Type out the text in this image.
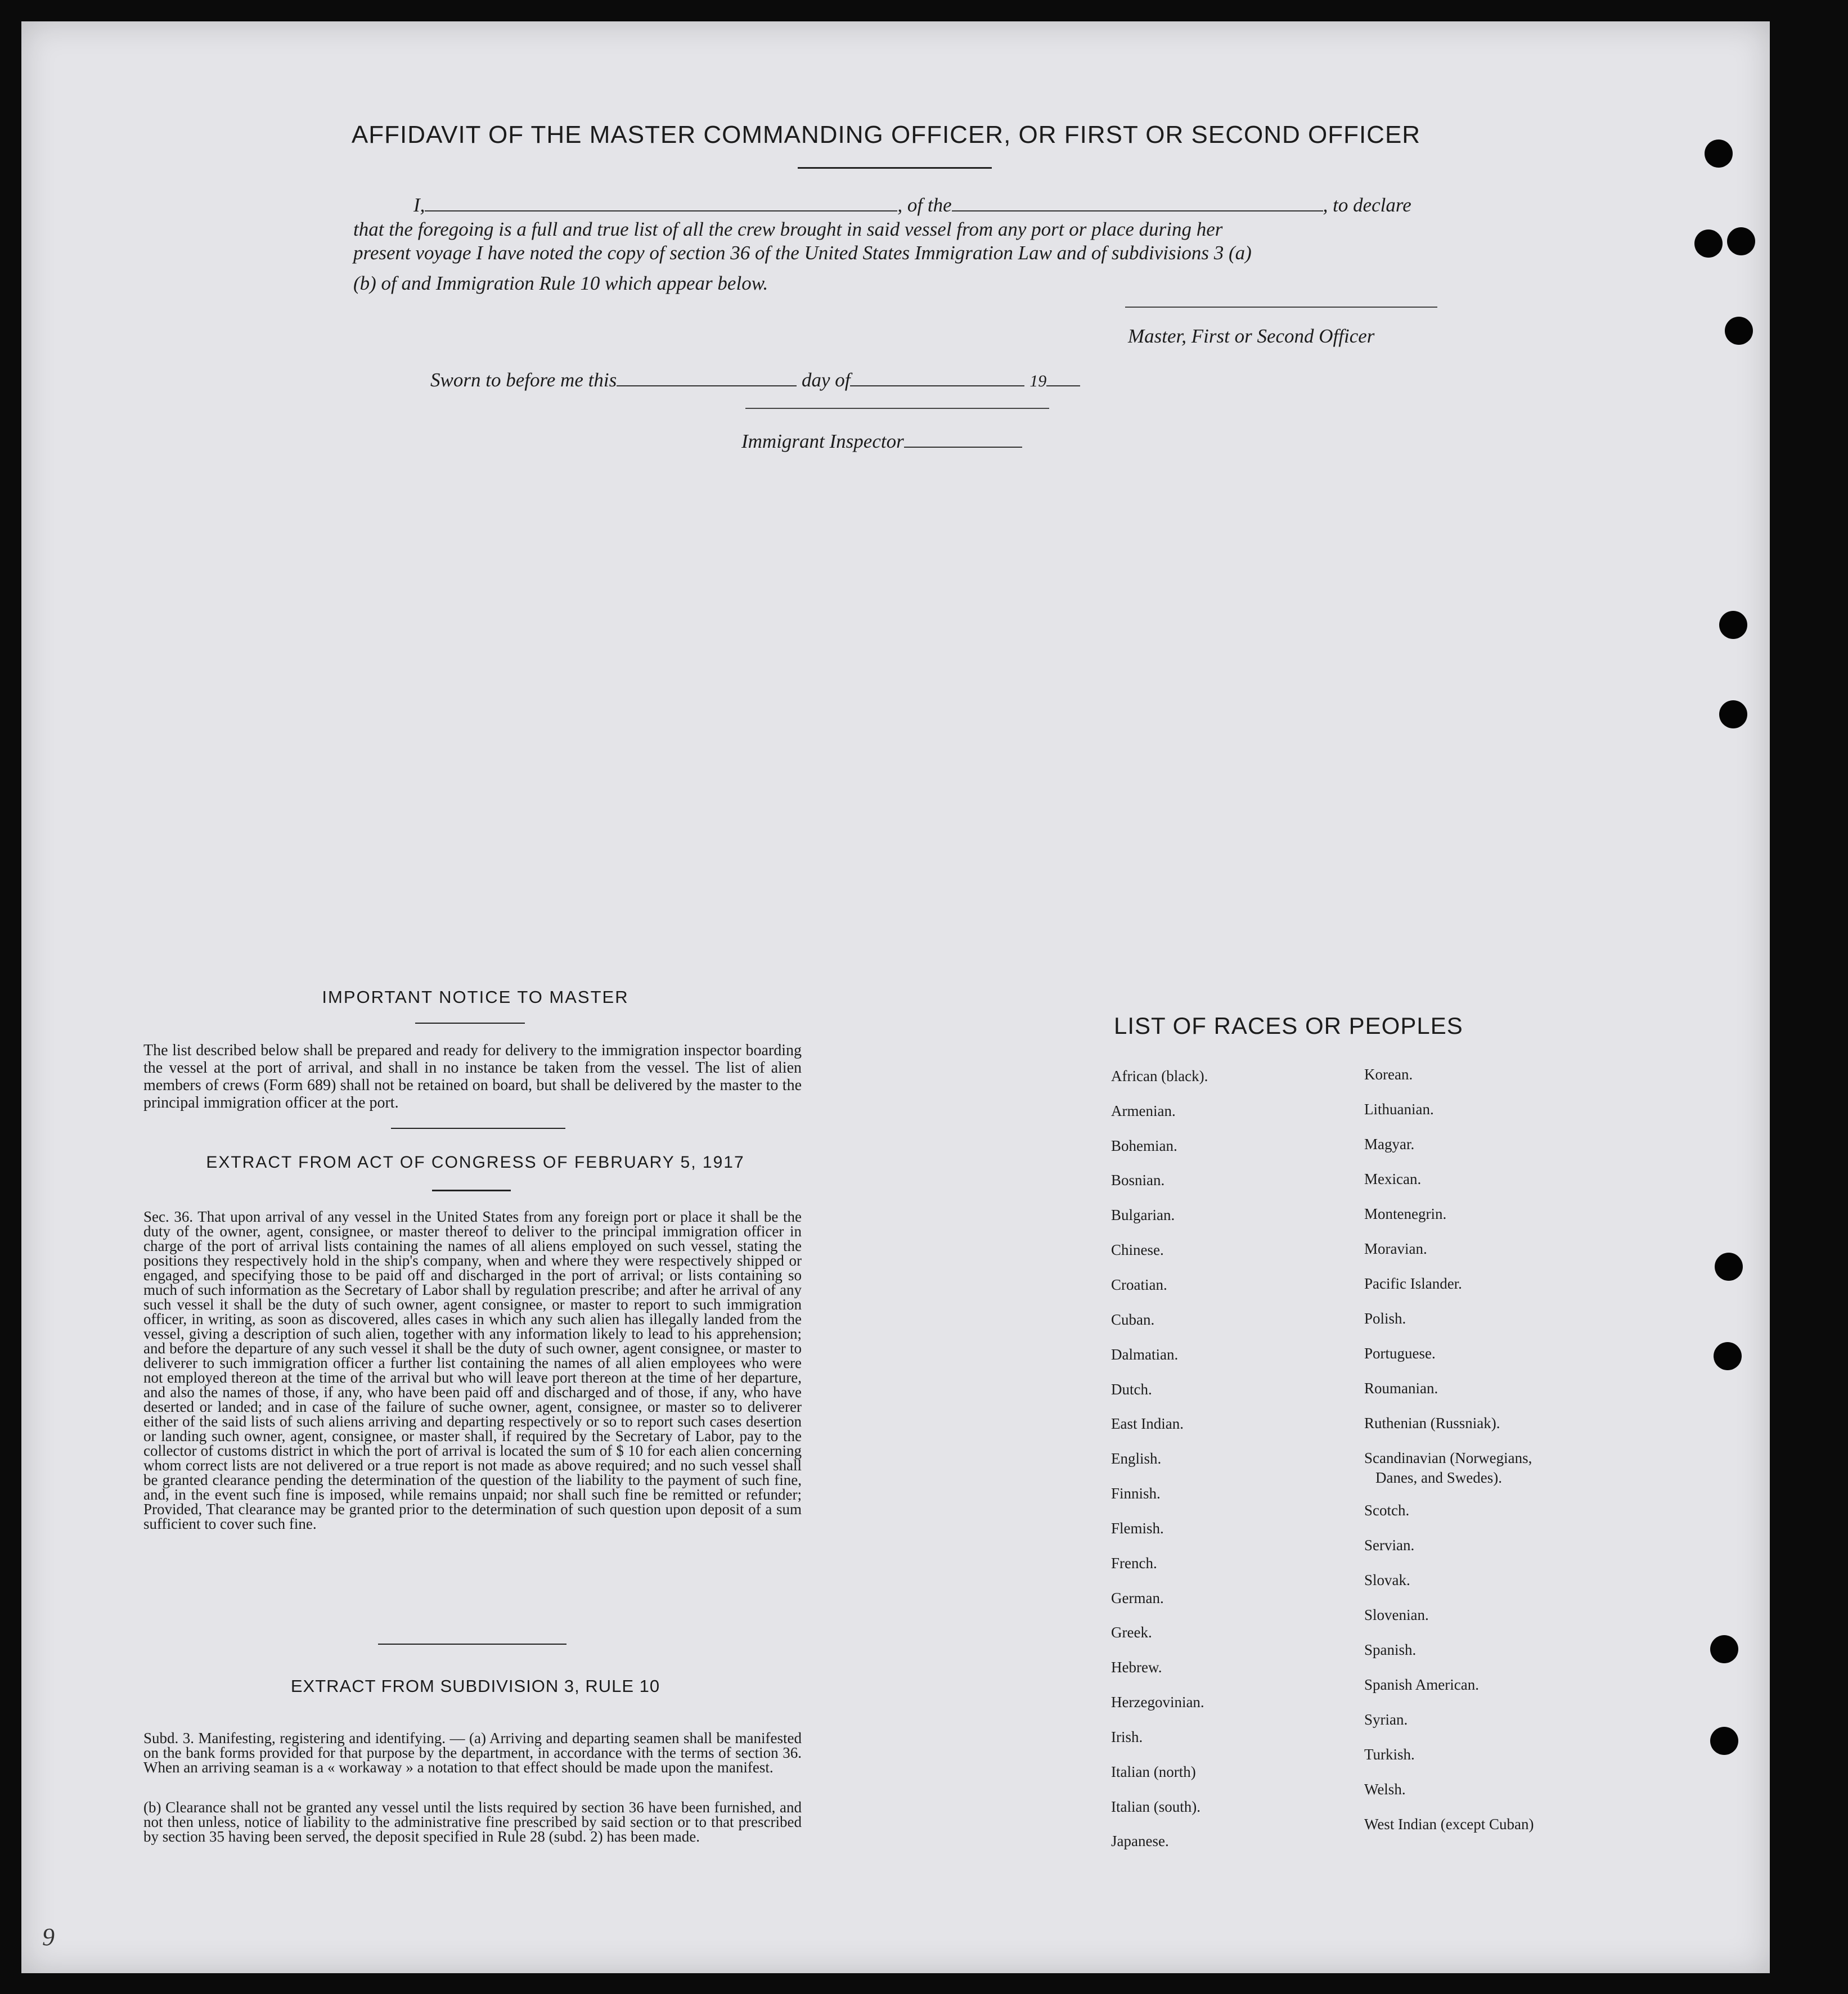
AFFIDAVIT OF THE MASTER COMMANDING OFFICER, OR FIRST OR SECOND OFFICER
I,	, of the	, to declare
that the foregoing is a full and true list of all the crew brought in said vessel from any port or place during her
present voyage I have noted the copy of section 36 of the United States Immigration Law and of subdivisions 3 (a)
(b) of and Immigration Rule 10 which appear below.
Master, First or Second Officer
Sworn to before me this	day of	19
Immigrant Inspector
IMPORTANT NOTICE TO MASTER
The list described below shall be prepared and ready for delivery to the immigration inspector boarding the vessel at the port of arrival, and shall in no instance be taken from the vessel. The list of alien members of crews (Form 689) shall not be retained on board, but shall be delivered by the master to the principal immigration officer at the port.
EXTRACT FROM ACT OF CONGRESS OF FEBRUARY 5, 1917
Sec. 36. That upon arrival of any vessel in the United States from any foreign port or place it shall be the duty of the owner, agent, consignee, or master thereof to deliver to the principal immigration officer in charge of the port of arrival lists containing the names of all aliens employed on such vessel, stating the positions they respectively hold in the ship's company, when and where they were respectively shipped or engaged, and specifying those to be paid off and discharged in the port of arrival; or lists containing so much of such information as the Secretary of Labor shall by regulation prescribe; and after he arrival of any such vessel it shall be the duty of such owner, agent consignee, or master to report to such immigration officer, in writing, as soon as discovered, alles cases in which any such alien has illegally landed from the vessel, giving a description of such alien, together with any information likely to lead to his apprehension; and before the departure of any such vessel it shall be the duty of such owner, agent consignee, or master to deliverer to such immigration officer a further list containing the names of all alien employees who were not employed thereon at the time of the arrival but who will leave port thereon at the time of her departure, and also the names of those, if any, who have been paid off and discharged and of those, if any, who have deserted or landed; and in case of the failure of suche owner, agent, consignee, or master so to deliverer either of the said lists of such aliens arriving and departing respectively or so to report such cases desertion or landing such owner, agent, consignee, or master shall, if required by the Secretary of Labor, pay to the collector of customs district in which the port of arrival is located the sum of $ 10 for each alien concerning whom correct lists are not delivered or a true report is not made as above required; and no such vessel shall be granted clearance pending the determination of the question of the liability to the payment of such fine, and, in the event such fine is imposed, while remains unpaid; nor shall such fine be remitted or refunder; Provided, That clearance may be granted prior to the determination of such question upon deposit of a sum sufficient to cover such fine.
EXTRACT FROM SUBDIVISION 3, RULE 10
Subd. 3. Manifesting, registering and identifying. — (a) Arriving and departing seamen shall be manifested on the bank forms provided for that purpose by the department, in accordance with the terms of section 36. When an arriving seaman is a « workaway » a notation to that effect should be made upon the manifest.
(b) Clearance shall not be granted any vessel until the lists required by section 36 have been furnished, and not then unless, notice of liability to the administrative fine prescribed by said section or to that prescribed by section 35 having been served, the deposit specified in Rule 28 (subd. 2) has been made.
LIST OF RACES OR PEOPLES
African (black).
Armenian.
Bohemian.
Bosnian.
Bulgarian.
Chinese.
Croatian.
Cuban.
Dalmatian.
Dutch.
East Indian.
English.
Finnish.
Flemish.
French.
German.
Greek.
Hebrew.
Herzegovinian.
Irish.
Italian (north)
Italian (south).
Japanese.
Korean.
Lithuanian.
Magyar.
Mexican.
Montenegrin.
Moravian.
Pacific Islander.
Polish.
Portuguese.
Roumanian.
Ruthenian (Russniak).
Scandinavian (Norwegians,
Danes, and Swedes).
Scotch.
Servian.
Slovak.
Slovenian.
Spanish.
Spanish American.
Syrian.
Turkish.
Welsh.
West Indian (except Cuban)
9
